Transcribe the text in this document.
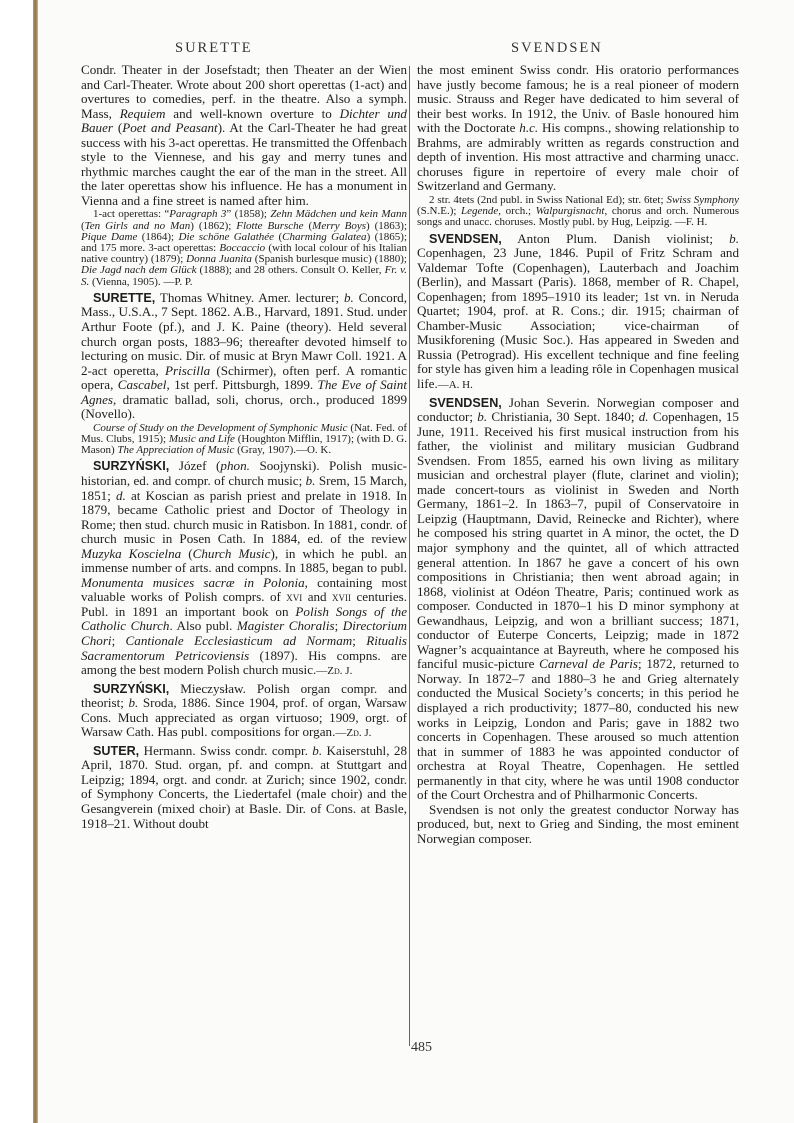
SURETTE	SVENDSEN

Condr. Theater in der Josefstadt; then Theater an der Wien and Carl-Theater. Wrote about 200 short operettas (1-act) and overtures to comedies, perf. in the theatre. Also a symph. Mass, Requiem and well-known overture to Dichter und Bauer (Poet and Peasant). At the Carl-Theater he had great success with his 3-act operettas. He transmitted the Offenbach style to the Viennese, and his gay and merry tunes and rhythmic marches caught the ear of the man in the street. All the later operettas show his influence. He has a monument in Vienna and a fine street is named after him.

1-act operettas: “Paragraph 3” (1858); Zehn Mädchen und kein Mann (Ten Girls and no Man) (1862); Flotte Bursche (Merry Boys) (1863); Pique Dame (1864); Die schöne Galathée (Charming Galatea) (1865); and 175 more. 3-act operettas: Boccaccio (with local colour of his Italian native country) (1879); Donna Juanita (Spanish burlesque music) (1880); Die Jagd nach dem Glück (1888); and 28 others. Consult O. Keller, Fr. v. S. (Vienna, 1905). —P. P.

SURETTE, Thomas Whitney. Amer. lecturer; b. Concord, Mass., U.S.A., 7 Sept. 1862. A.B., Harvard, 1891. Stud. under Arthur Foote (pf.), and J. K. Paine (theory). Held several church organ posts, 1883–96; thereafter devoted himself to lecturing on music. Dir. of music at Bryn Mawr Coll. 1921. A 2-act operetta, Priscilla (Schirmer), often perf. A romantic opera, Cascabel, 1st perf. Pittsburgh, 1899. The Eve of Saint Agnes, dramatic ballad, soli, chorus, orch., produced 1899 (Novello).

Course of Study on the Development of Symphonic Music (Nat. Fed. of Mus. Clubs, 1915); Music and Life (Houghton Mifflin, 1917); (with D. G. Mason) The Appreciation of Music (Gray, 1907).—O. K.

SURZYŃSKI, Józef (phon. Soojynski). Polish music-historian, ed. and compr. of church music; b. Srem, 15 March, 1851; d. at Koscian as parish priest and prelate in 1918. In 1879, became Catholic priest and Doctor of Theology in Rome; then stud. church music in Ratisbon. In 1881, condr. of church music in Posen Cath. In 1884, ed. of the review Muzyka Koscielna (Church Music), in which he publ. an immense number of arts. and compns. In 1885, began to publ. Monumenta musices sacræ in Polonia, containing most valuable works of Polish comprs. of xvi and xvii centuries. Publ. in 1891 an important book on Polish Songs of the Catholic Church. Also publ. Magister Choralis; Directorium Chori; Cantionale Ecclesiasticum ad Normam; Ritualis Sacramentorum Petricoviensis (1897). His compns. are among the best modern Polish church music.—Zd. J.

SURZYŃSKI, Mieczysław. Polish organ compr. and theorist; b. Sroda, 1886. Since 1904, prof. of organ, Warsaw Cons. Much appreciated as organ virtuoso; 1909, orgt. of Warsaw Cath. Has publ. compositions for organ.—Zd. J.

SUTER, Hermann. Swiss condr. compr. b. Kaiserstuhl, 28 April, 1870. Stud. organ, pf. and compn. at Stuttgart and Leipzig; 1894, orgt. and condr. at Zurich; since 1902, condr. of Symphony Concerts, the Liedertafel (male choir) and the Gesangverein (mixed choir) at Basle. Dir. of Cons. at Basle, 1918–21. Without doubt

the most eminent Swiss condr. His oratorio performances have justly become famous; he is a real pioneer of modern music. Strauss and Reger have dedicated to him several of their best works. In 1912, the Univ. of Basle honoured him with the Doctorate h.c. His compns., showing relationship to Brahms, are admirably written as regards construction and depth of invention. His most attractive and charming unacc. choruses figure in repertoire of every male choir of Switzerland and Germany.

2 str. 4tets (2nd publ. in Swiss National Ed); str. 6tet; Swiss Symphony (S.N.E.); Legende, orch.; Walpurgisnacht, chorus and orch. Numerous songs and unacc. choruses. Mostly publ. by Hug, Leipzig. —F. H.

SVENDSEN, Anton Plum. Danish violinist; b. Copenhagen, 23 June, 1846. Pupil of Fritz Schram and Valdemar Tofte (Copenhagen), Lauterbach and Joachim (Berlin), and Massart (Paris). 1868, member of R. Chapel, Copenhagen; from 1895–1910 its leader; 1st vn. in Neruda Quartet; 1904, prof. at R. Cons.; dir. 1915; chairman of Chamber-Music Association; vice-chairman of Musikforening (Music Soc.). Has appeared in Sweden and Russia (Petrograd). His excellent technique and fine feeling for style has given him a leading rôle in Copenhagen musical life.—A. H.

SVENDSEN, Johan Severin. Norwegian composer and conductor; b. Christiania, 30 Sept. 1840; d. Copenhagen, 15 June, 1911. Received his first musical instruction from his father, the violinist and military musician Gudbrand Svendsen. From 1855, earned his own living as military musician and orchestral player (flute, clarinet and violin); made concert-tours as violinist in Sweden and North Germany, 1861–2. In 1863–7, pupil of Conservatoire in Leipzig (Hauptmann, David, Reinecke and Richter), where he composed his string quartet in A minor, the octet, the D major symphony and the quintet, all of which attracted general attention. In 1867 he gave a concert of his own compositions in Christiania; then went abroad again; in 1868, violinist at Odéon Theatre, Paris; continued work as composer. Conducted in 1870–1 his D minor symphony at Gewandhaus, Leipzig, and won a brilliant success; 1871, conductor of Euterpe Concerts, Leipzig; made in 1872 Wagner’s acquaintance at Bayreuth, where he composed his fanciful music-picture Carneval de Paris; 1872, returned to Norway. In 1872–7 and 1880–3 he and Grieg alternately conducted the Musical Society’s concerts; in this period he displayed a rich productivity; 1877–80, conducted his new works in Leipzig, London and Paris; gave in 1882 two concerts in Copenhagen. These aroused so much attention that in summer of 1883 he was appointed conductor of orchestra at Royal Theatre, Copenhagen. He settled permanently in that city, where he was until 1908 conductor of the Court Orchestra and of Philharmonic Concerts.

Svendsen is not only the greatest conductor Norway has produced, but, next to Grieg and Sinding, the most eminent Norwegian composer.

485
